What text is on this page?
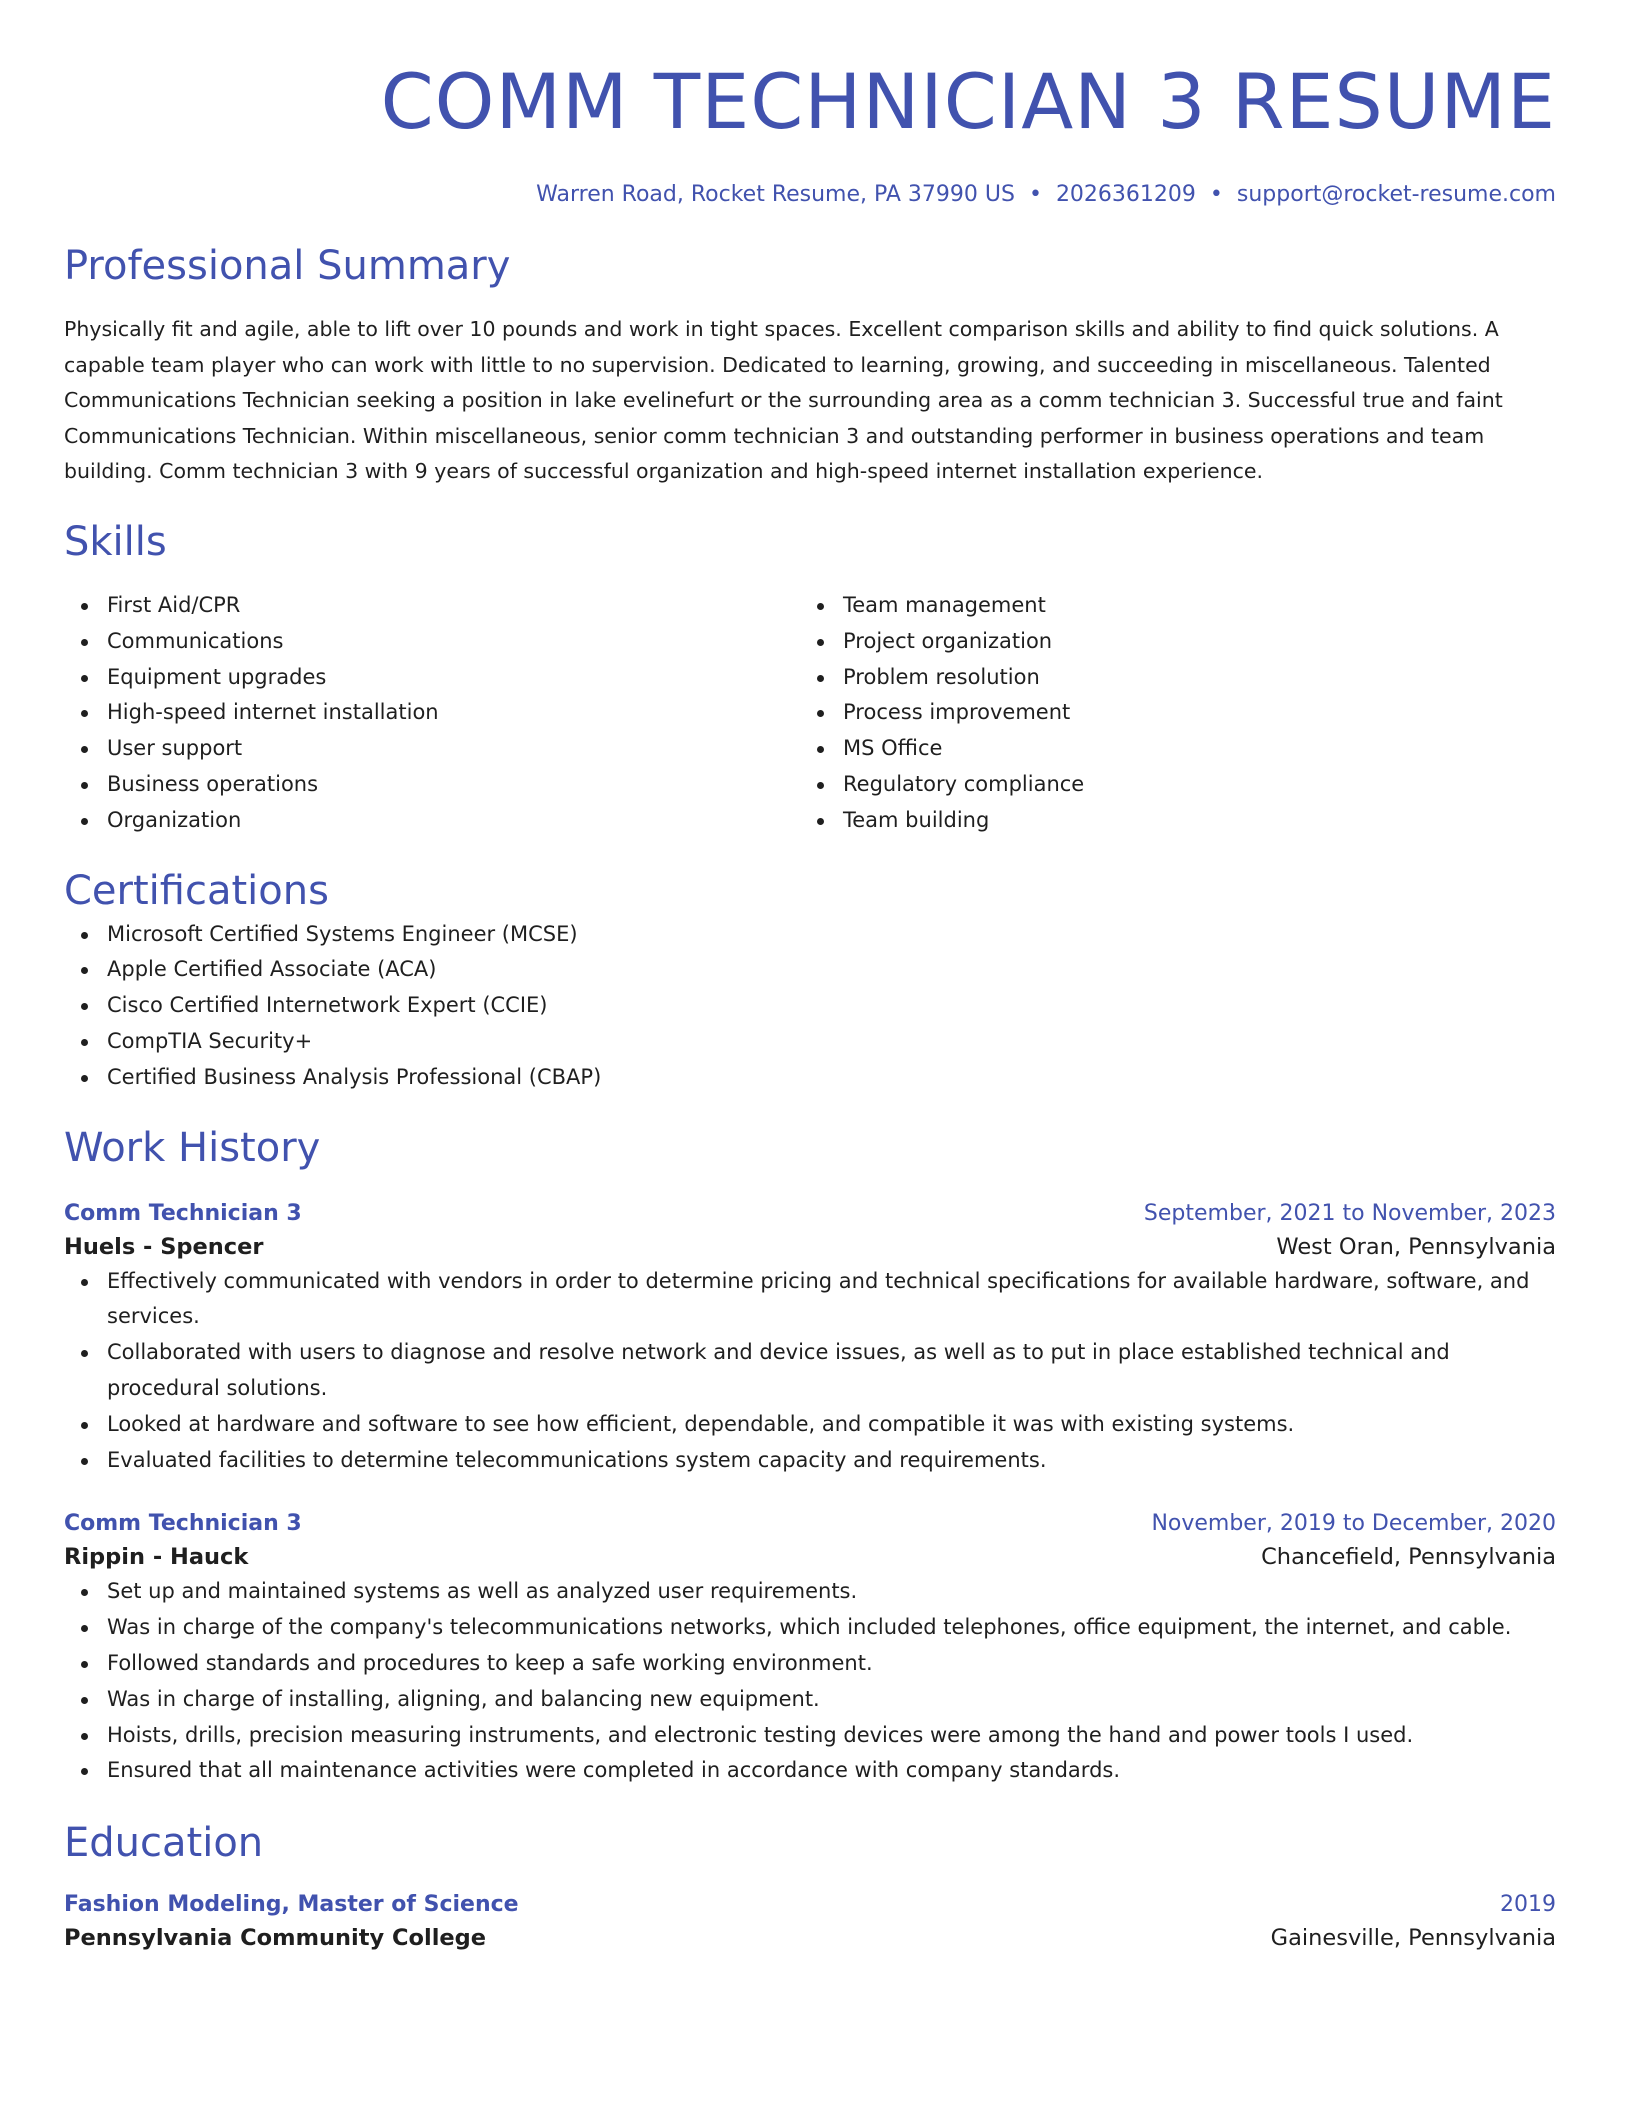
COMM TECHNICIAN 3 RESUME
Warren Road, Rocket Resume, PA 37990 US • 2026361209 • support@rocket-resume.com
Professional Summary
Physically fit and agile, able to lift over 10 pounds and work in tight spaces. Excellent comparison skills and ability to find quick solutions. A capable team player who can work with little to no supervision. Dedicated to learning, growing, and succeeding in miscellaneous. Talented Communications Technician seeking a position in lake evelinefurt or the surrounding area as a comm technician 3. Successful true and faint Communications Technician. Within miscellaneous, senior comm technician 3 and outstanding performer in business operations and team building. Comm technician 3 with 9 years of successful organization and high-speed internet installation experience.
Skills
First Aid/CPR
Communications
Equipment upgrades
High-speed internet installation
User support
Business operations
Organization
Team management
Project organization
Problem resolution
Process improvement
MS Office
Regulatory compliance
Team building
Certifications
Microsoft Certified Systems Engineer (MCSE)
Apple Certified Associate (ACA)
Cisco Certified Internetwork Expert (CCIE)
CompTIA Security+
Certified Business Analysis Professional (CBAP)
Work History
Comm Technician 3	September, 2021 to November, 2023
Huels - Spencer	West Oran, Pennsylvania
Effectively communicated with vendors in order to determine pricing and technical specifications for available hardware, software, and services.
Collaborated with users to diagnose and resolve network and device issues, as well as to put in place established technical and procedural solutions.
Looked at hardware and software to see how efficient, dependable, and compatible it was with existing systems.
Evaluated facilities to determine telecommunications system capacity and requirements.
Comm Technician 3	November, 2019 to December, 2020
Rippin - Hauck	Chancefield, Pennsylvania
Set up and maintained systems as well as analyzed user requirements.
Was in charge of the company's telecommunications networks, which included telephones, office equipment, the internet, and cable.
Followed standards and procedures to keep a safe working environment.
Was in charge of installing, aligning, and balancing new equipment.
Hoists, drills, precision measuring instruments, and electronic testing devices were among the hand and power tools I used.
Ensured that all maintenance activities were completed in accordance with company standards.
Education
Fashion Modeling, Master of Science	2019
Pennsylvania Community College	Gainesville, Pennsylvania
